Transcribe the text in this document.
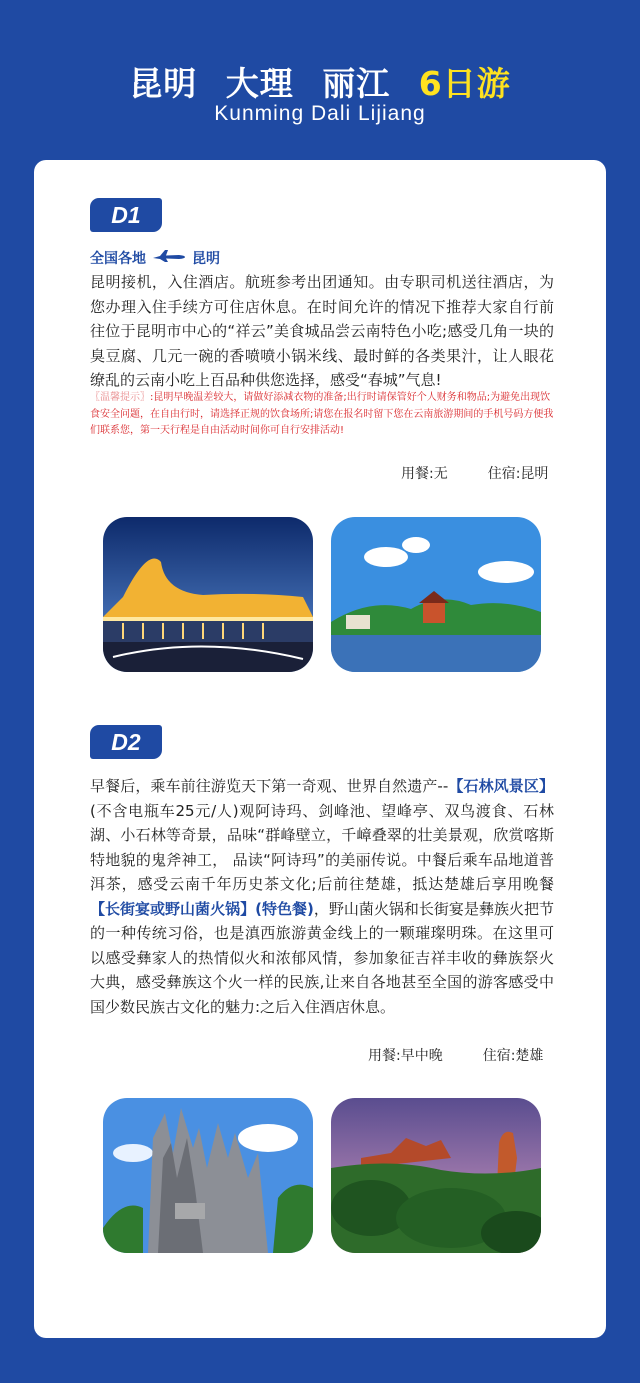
昆明 大理 丽江 6日游
Kunming Dali Lijiang
D1
全国各地	昆明
昆明接机，入住酒店。航班参考出团通知。由专职司机送往酒店，为您办理入住手续方可住店休息。在时间允许的情况下推荐大家自行前往位于昆明市中心的“祥云”美食城品尝云南特色小吃;感受几角一块的臭豆腐、几元一碗的香喷喷小锅米线、最时鲜的各类果汁，让人眼花缭乱的云南小吃上百品种供您选择，感受“春城”气息!
〖温馨提示〗:昆明早晚温差较大，请做好添减衣物的准备;出行时请保管好个人财务和物品;为避免出现饮食安全问题，在自由行时，请选择正规的饮食场所;请您在报名时留下您在云南旅游期间的手机号码方便我们联系您，第一天行程是自由活动时间你可自行安排活动!
用餐:无	住宿:昆明
D2
早餐后，乘车前往游览天下第一奇观、世界自然遗产--【石林风景区】(不含电瓶车25元/人)观阿诗玛、剑峰池、望峰亭、双鸟渡食、石林湖、小石林等奇景，品味“群峰壁立，千嶂叠翠的壮美景观，欣赏喀斯特地貌的鬼斧神工， 品读“阿诗玛”的美丽传说。中餐后乘车品地道普洱茶，感受云南千年历史茶文化;后前往楚雄，抵达楚雄后享用晚餐【长街宴或野山菌火锅】(特色餐)，野山菌火锅和长街宴是彝族火把节的一种传统习俗，也是滇西旅游黄金线上的一颗璀璨明珠。在这里可以感受彝家人的热情似火和浓郁风情，参加象征吉祥丰收的彝族祭火大典，感受彝族这个火一样的民族,让来自各地甚至全国的游客感受中国少数民族古文化的魅力:之后入住酒店休息。
用餐:早中晚	住宿:楚雄
